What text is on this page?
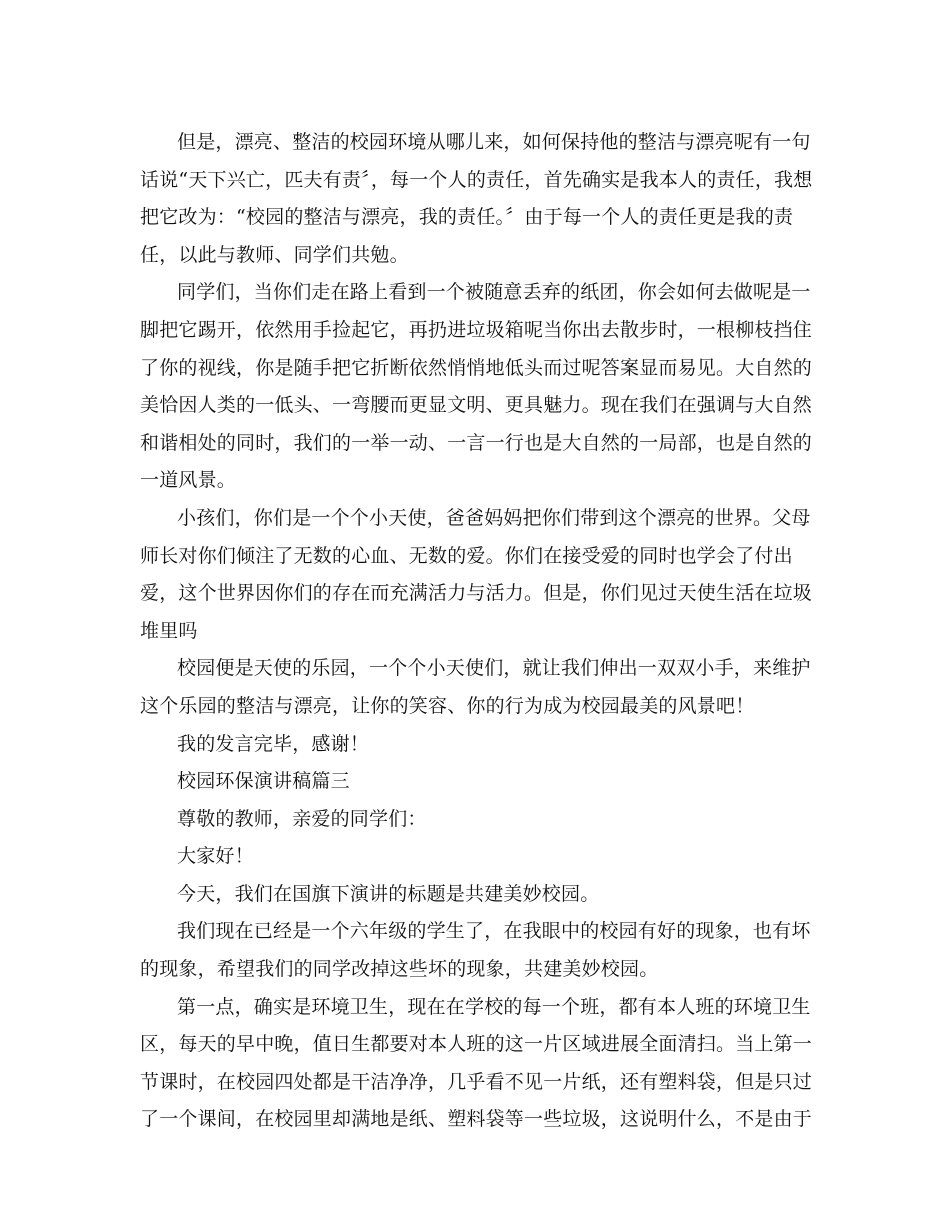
但是，漂亮、整洁的校园环境从哪儿来，如何保持他的整洁与漂亮呢有一句
话说“天下兴亡，匹夫有责〞，每一个人的责任，首先确实是我本人的责任，我想
把它改为：“校园的整洁与漂亮，我的责任。〞由于每一个人的责任更是我的责
任，以此与教师、同学们共勉。
同学们，当你们走在路上看到一个被随意丢弃的纸团，你会如何去做呢是一
脚把它踢开，依然用手捡起它，再扔进垃圾箱呢当你出去散步时，一根柳枝挡住
了你的视线，你是随手把它折断依然悄悄地低头而过呢答案显而易见。大自然的
美恰因人类的一低头、一弯腰而更显文明、更具魅力。现在我们在强调与大自然
和谐相处的同时，我们的一举一动、一言一行也是大自然的一局部，也是自然的
一道风景。
小孩们，你们是一个个小天使，爸爸妈妈把你们带到这个漂亮的世界。父母
师长对你们倾注了无数的心血、无数的爱。你们在接受爱的同时也学会了付出
爱，这个世界因你们的存在而充满活力与活力。但是，你们见过天使生活在垃圾
堆里吗
校园便是天使的乐园，一个个小天使们，就让我们伸出一双双小手，来维护
这个乐园的整洁与漂亮，让你的笑容、你的行为成为校园最美的风景吧！
我的发言完毕，感谢！
校园环保演讲稿篇三
尊敬的教师，亲爱的同学们：
大家好！
今天，我们在国旗下演讲的标题是共建美妙校园。
我们现在已经是一个六年级的学生了，在我眼中的校园有好的现象，也有坏
的现象，希望我们的同学改掉这些坏的现象，共建美妙校园。
第一点，确实是环境卫生，现在在学校的每一个班，都有本人班的环境卫生
区，每天的早中晚，值日生都要对本人班的这一片区域进展全面清扫。当上第一
节课时，在校园四处都是干洁净净，几乎看不见一片纸，还有塑料袋，但是只过
了一个课间，在校园里却满地是纸、塑料袋等一些垃圾，这说明什么，不是由于
